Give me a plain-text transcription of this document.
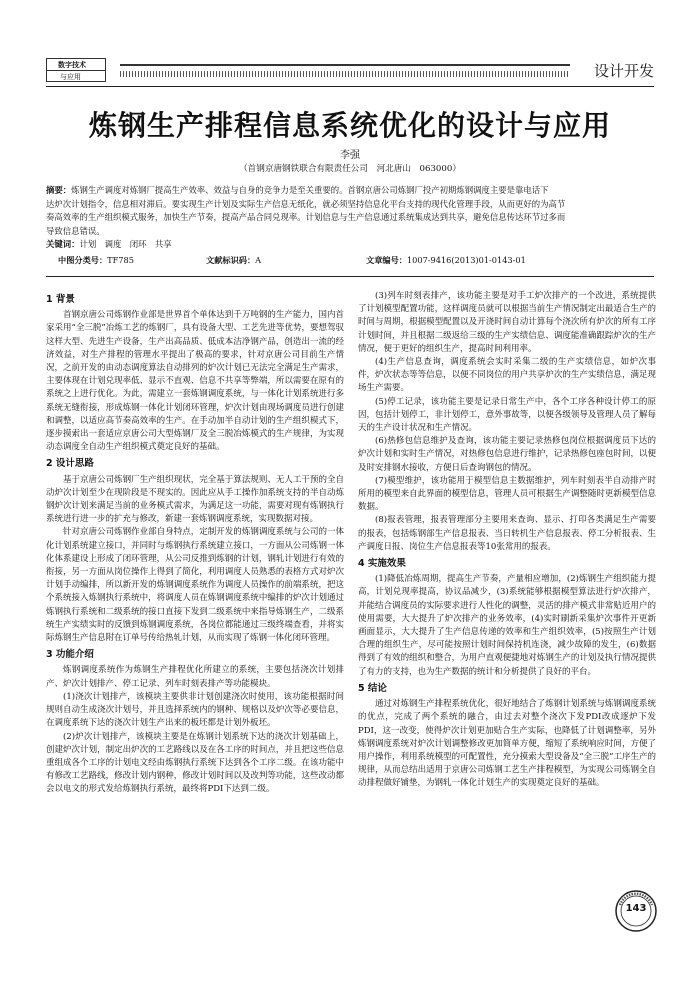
数字技术
与应用	设计开发
炼钢生产排程信息系统优化的设计与应用
李强
（首钢京唐钢铁联合有限责任公司　河北唐山　063000）
摘要：炼钢生产调度对炼钢厂提高生产效率、效益与自身的竞争力是至关重要的。首钢京唐公司炼钢厂投产初期炼钢调度主要是靠电话下
达炉次计划指令，信息相对滞后。要实现生产计划及实际生产信息无纸化，就必须坚持信息化平台支持的现代化管理手段，从而更好的为高节
奏高效率的生产组织模式服务，加快生产节奏，提高产品合同兑现率。计划信息与生产信息通过系统集成达到共享，避免信息传达环节过多而
导致信息错误。
关键词：计划　调度　闭环　共享
中图分类号：TF785	文献标识码：A	文章编号：1007-9416(2013)01-0143-01
1 背景

首钢京唐公司炼钢作业部是世界首个单体达到千万吨钢的生产能力，国内首家采用“全三脱”冶炼工艺的炼钢厂，具有设备大型、工艺先进等优势，要想驾驭这样大型、先进生产设备，生产出高品质、低成本洁净钢产品，创造出一流的经济效益，对生产排程的管理水平提出了极高的要求，针对京唐公司目前生产情况，之前开发的由动态调度算法自动排列的炉次计划已无法完全满足生产需求，主要体现在计划兑现率低、显示不直观、信息不共享等弊端，所以需要在原有的系统之上进行优化。为此，需建立一套炼钢调度系统，与一体化计划系统进行多系统无缝衔接，形成炼钢一体化计划闭环管理，炉次计划由现场调度员进行创建和调整，以适应高节奏高效率的生产。在手动加半自动计划的生产组织模式下，逐步摸索出一套适应京唐公司大型炼钢厂及全三脱冶炼模式的生产规律，为实现动态调度全自动生产组织模式奠定良好的基础。

2 设计思路

基于京唐公司炼钢厂生产组织现状，完全基于算法规则、无人工干预的全自动炉次计划至少在现阶段是不现实的。因此应从手工操作加系统支持的半自动炼钢炉次计划来满足当前的业务模式需求，为满足这一功能，需要对现有炼钢执行系统进行进一步的扩充与修改，新建一套炼钢调度系统，实现数据对接。

针对京唐公司炼钢作业部自身特点，定制开发的炼钢调度系统与公司的一体化计划系统建立接口，并同时与炼钢执行系统建立接口，一方面从公司炼钢一体化体系建设上形成了闭环管理，从公司反推到炼钢的计划，钢轧计划进行有效的衔接，另一方面从岗位操作上得到了简化，利用调度人员熟悉的表格方式对炉次计划手动编排，所以新开发的炼钢调度系统作为调度人员操作的前端系统，把这个系统接入炼钢执行系统中，将调度人员在炼钢调度系统中编排的炉次计划通过炼钢执行系统和二级系统的接口直接下发到二级系统中来指导炼钢生产，二级系统生产实绩实时的反馈到炼钢调度系统，各岗位都能通过三级终端查看，并将实际炼钢生产信息附在订单号传给热轧计划，从而实现了炼钢一体化闭环管理。

3 功能介绍

炼钢调度系统作为炼钢生产排程优化所建立的系统，主要包括浇次计划排产、炉次计划排产、停工记录、列车时刻表排产等功能模块。

(1)浇次计划排产，该模块主要供非计划创建浇次时使用，该功能根据时间规则自动生成浇次计划号，并且选择系统内的钢种、规格以及炉次等必要信息，在调度系统下达的浇次计划生产出来的板坯都是计划外板坯。

(2)炉次计划排产，该模块主要是在炼钢计划系统下达的浇次计划基础上，创建炉次计划，制定出炉次的工艺路线以及在各工序的时间点，并且把这些信息重组成各个工序的计划电文经由炼钢执行系统下达到各个工序二级。在该功能中有修改工艺路线，修改计划内钢种，修改计划时间以及改判等功能，这些改动都会以电文的形式发给炼钢执行系统，最终将PDI下达到二级。

(3)列车时刻表排产，该功能主要是对手工炉次排产的一个改进，系统提供了计划模型配置功能，这样调度员就可以根据当前生产情况制定出最适合生产的时间与周期，根据模型配置以及开浇时间自动计算每个浇次所有炉次的所有工序计划时间，并且根据二级返给三级的生产实绩信息、调度能准确跟踪炉次的生产情况，便于更好的组织生产，提高时间利用率。

(4)生产信息查询，调度系统会实时采集二级的生产实绩信息，如炉次事件，炉次状态等等信息，以便不同岗位的用户共享炉次的生产实绩信息，满足现场生产需要。

(5)停工记录，该功能主要是记录日常生产中，各个工序各种设计停工的原因，包括计划停工，非计划停工，意外事故等，以便各级领导及管理人员了解每天的生产设计状况和生产情况。

(6)热修包信息维护及查询，该功能主要记录热修包岗位根据调度员下达的炉次计划和实时生产情况，对热修包信息进行维护，记录热修包座包时间，以便及时安排钢水接收，方便日后查询钢包的情况。

(7)模型维护，该功能用于模型信息主数据维护，列车时刻表半自动排产时所用的模型来自此界面的模型信息，管理人员可根据生产调整随时更新模型信息数据。

(8)报表管理，报表管理部分主要用来查询、显示、打印各类满足生产需要的报表，包括炼钢部生产信息报表、当日转机生产信息报表、停工分析报表、生产调度日报、岗位生产信息报表等10张常用的报表。

4 实施效果

(1)降低冶炼周期，提高生产节奏，产量相应增加，(2)炼钢生产组织能力提高，计划兑现率提高，协议品减少，(3)系统能够根据模型算法进行炉次排产，并能结合调度员的实际要求进行人性化的调整，灵活的排产模式非常贴近用户的使用需要，大大提升了炉次排产的业务效率，(4)实时刷新采集炉次事件开更新画面显示，大大提升了生产信息传递的效率和生产组织效率，(5)按照生产计划合理的组织生产，尽可能按照计划时间保持机连浇，减少故障的发生，(6)数据得到了有效的组织和整合，为用户直观便捷地对炼钢生产的计划及执行情况提供了有力的支持，也为生产数据的统计和分析提供了良好的平台。

5 结论

通过对炼钢生产排程系统优化，很好地结合了炼钢计划系统与炼钢调度系统的优点，完成了两个系统的融合，由过去对整个浇次下发PDI改成逐炉下发PDI，这一改变，使得炉次计划更加贴合生产实际，也降低了计划调整率，另外炼钢调度系统对炉次计划调整修改更加简单方便，缩短了系统响应时间，方便了用户操作，利用系统模型的可配置性，充分摸索大型设备及“全三脱”工序生产的规律，从而总结出适用于京唐公司炼钢工艺生产排程模型，为实现公司炼钢全自动排程做好铺垫，为钢轧一体化计划生产的实现奠定良好的基础。

143
